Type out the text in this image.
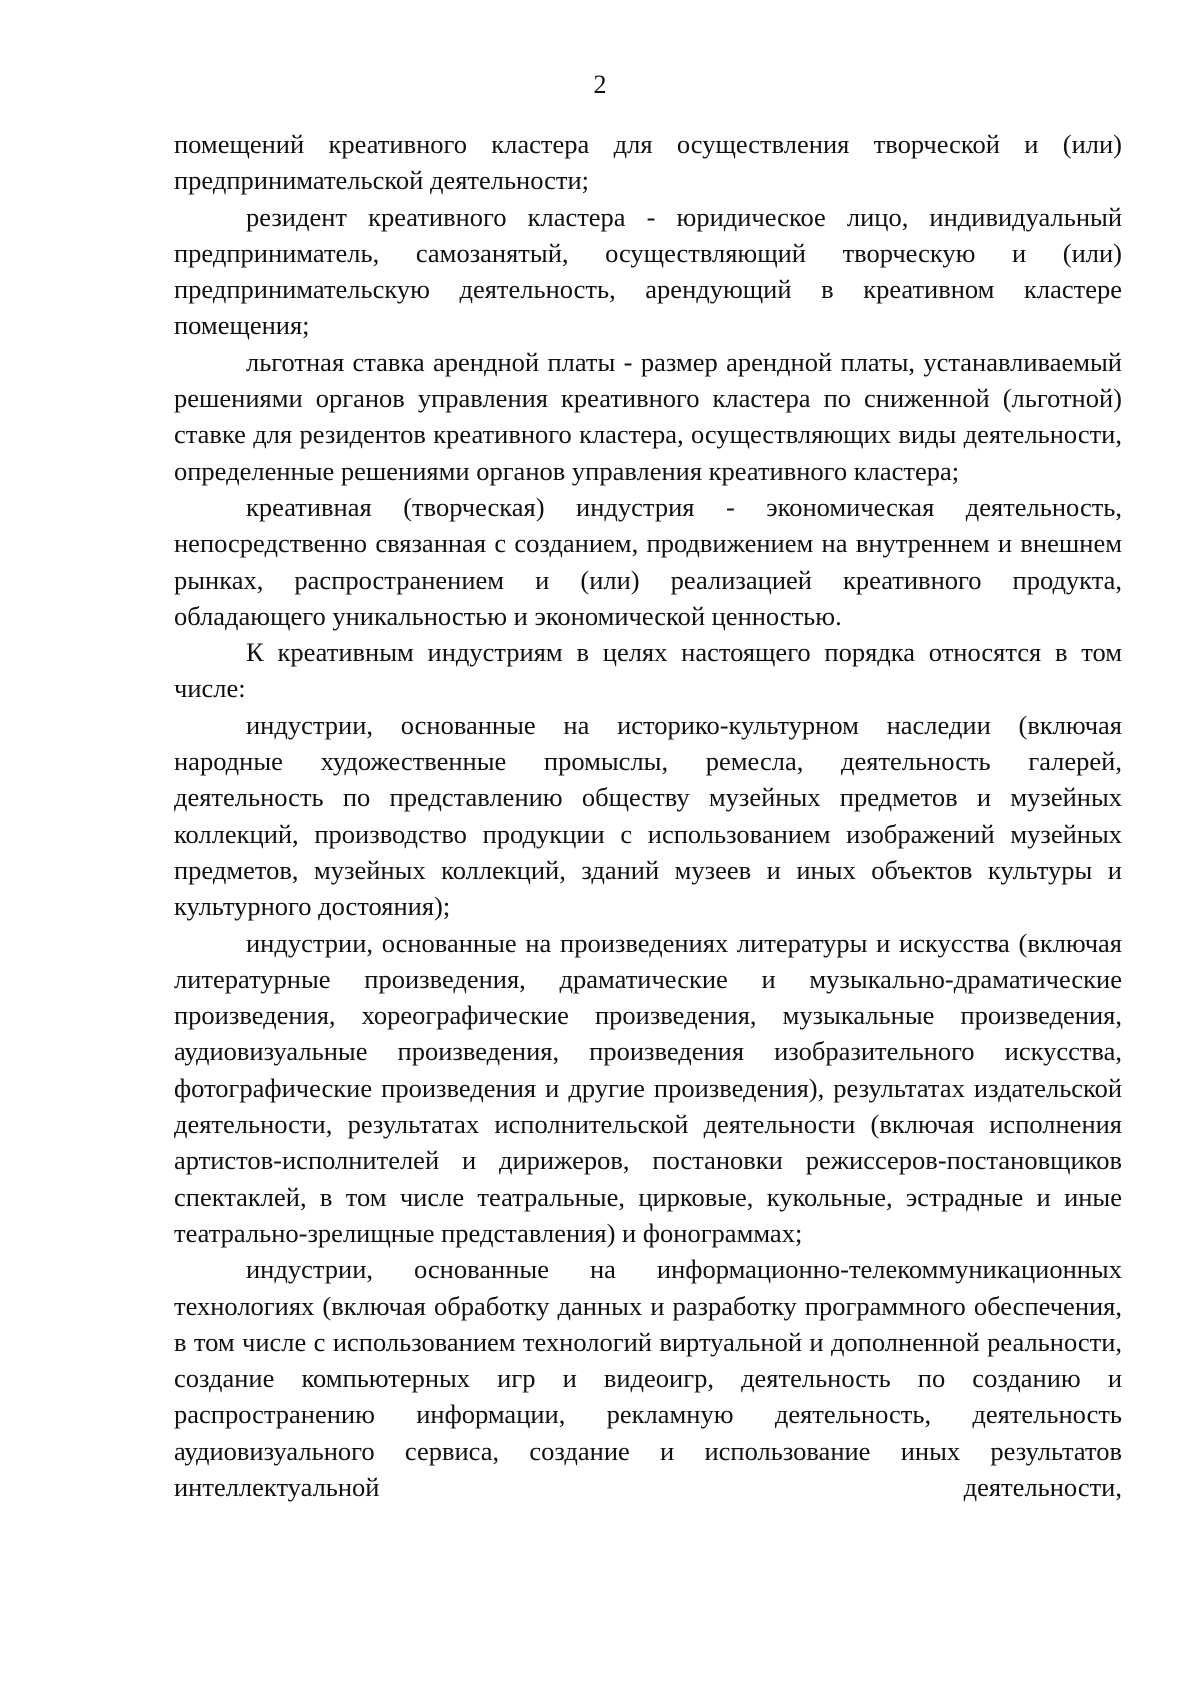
2

помещений креативного кластера для осуществления творческой и (или) предпринимательской деятельности;

резидент креативного кластера - юридическое лицо, индивидуальный предприниматель, самозанятый, осуществляющий творческую и (или) предпринимательскую деятельность, арендующий в креативном кластере помещения;

льготная ставка арендной платы - размер арендной платы, устанавливаемый решениями органов управления креативного кластера по сниженной (льготной) ставке для резидентов креативного кластера, осуществляющих виды деятельности, определенные решениями органов управления креативного кластера;

креативная (творческая) индустрия - экономическая деятельность, непосредственно связанная с созданием, продвижением на внутреннем и внешнем рынках, распространением и (или) реализацией креативного продукта, обладающего уникальностью и экономической ценностью.

К креативным индустриям в целях настоящего порядка относятся в том числе:

индустрии, основанные на историко-культурном наследии (включая народные художественные промыслы, ремесла, деятельность галерей, деятельность по представлению обществу музейных предметов и музейных коллекций, производство продукции с использованием изображений музейных предметов, музейных коллекций, зданий музеев и иных объектов культуры и культурного достояния);

индустрии, основанные на произведениях литературы и искусства (включая литературные произведения, драматические и музыкально-драматические произведения, хореографические произведения, музыкальные произведения, аудиовизуальные произведения, произведения изобразительного искусства, фотографические произведения и другие произведения), результатах издательской деятельности, результатах исполнительской деятельности (включая исполнения артистов-исполнителей и дирижеров, постановки режиссеров-постановщиков спектаклей, в том числе театральные, цирковые, кукольные, эстрадные и иные театрально-зрелищные представления) и фонограммах;

индустрии, основанные на информационно-телекоммуникационных технологиях (включая обработку данных и разработку программного обеспечения, в том числе с использованием технологий виртуальной и дополненной реальности, создание компьютерных игр и видеоигр, деятельность по созданию и распространению информации, рекламную деятельность, деятельность аудиовизуального сервиса, создание и использование иных результатов интеллектуальной деятельности,
